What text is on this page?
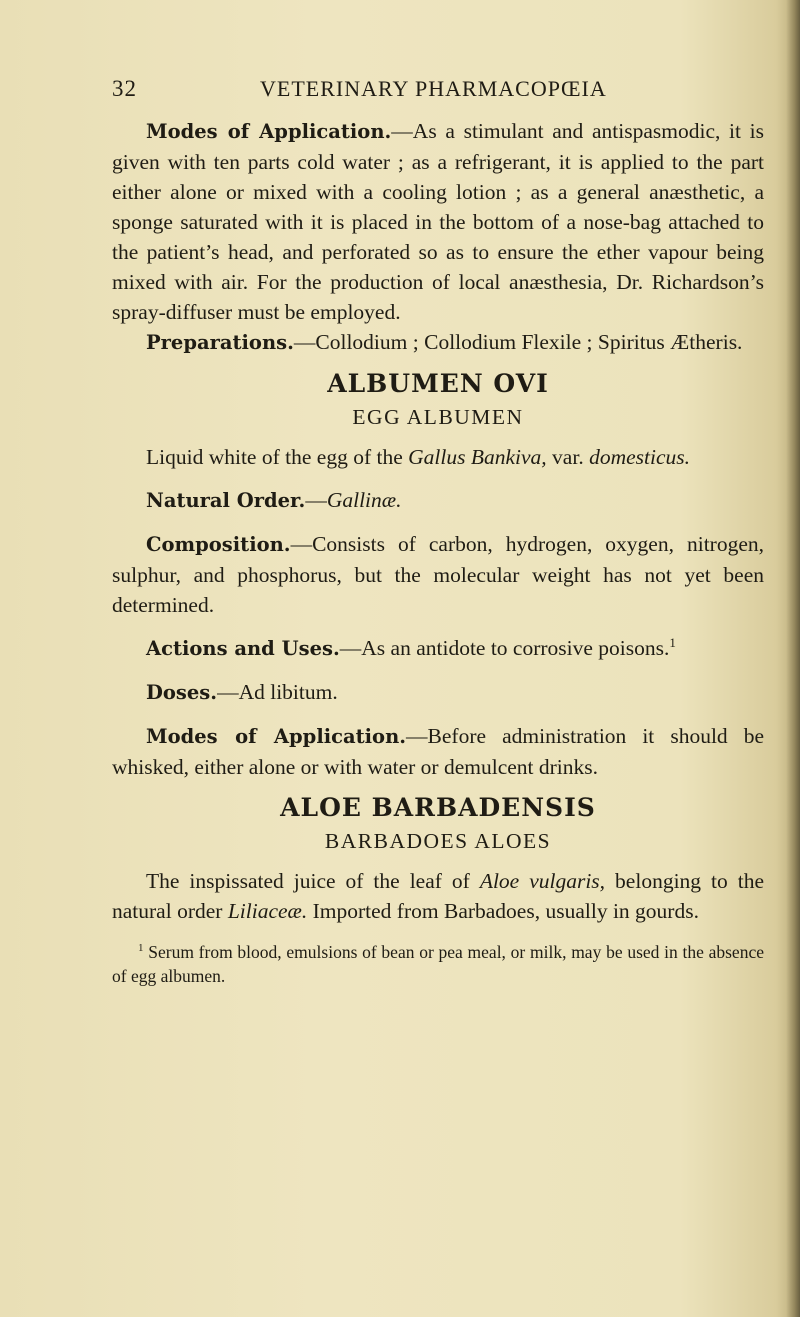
32	VETERINARY PHARMACOPŒIA

Modes of Application.—As a stimulant and antispasmodic, it is given with ten parts cold water ; as a refrigerant, it is applied to the part either alone or mixed with a cooling lotion ; as a general anæsthetic, a sponge saturated with it is placed in the bottom of a nose-bag attached to the patient’s head, and perforated so as to ensure the ether vapour being mixed with air. For the production of local anæsthesia, Dr. Richardson’s spray-diffuser must be employed.

Preparations.—Collodium ; Collodium Flexile ; Spiritus Ætheris.

ALBUMEN OVI
EGG ALBUMEN

Liquid white of the egg of the Gallus Bankiva, var. domesticus.

Natural Order.—Gallinæ.

Composition.—Consists of carbon, hydrogen, oxygen, nitrogen, sulphur, and phosphorus, but the molecular weight has not yet been determined.

Actions and Uses.—As an antidote to corrosive poisons.$^1$

Doses.—Ad libitum.

Modes of Application.—Before administration it should be whisked, either alone or with water or demulcent drinks.

ALOE BARBADENSIS
BARBADOES ALOES

The inspissated juice of the leaf of Aloe vulgaris, belonging to the natural order Liliaceæ. Imported from Barbadoes, usually in gourds.

$^1$ Serum from blood, emulsions of bean or pea meal, or milk, may be used in the absence of egg albumen.
